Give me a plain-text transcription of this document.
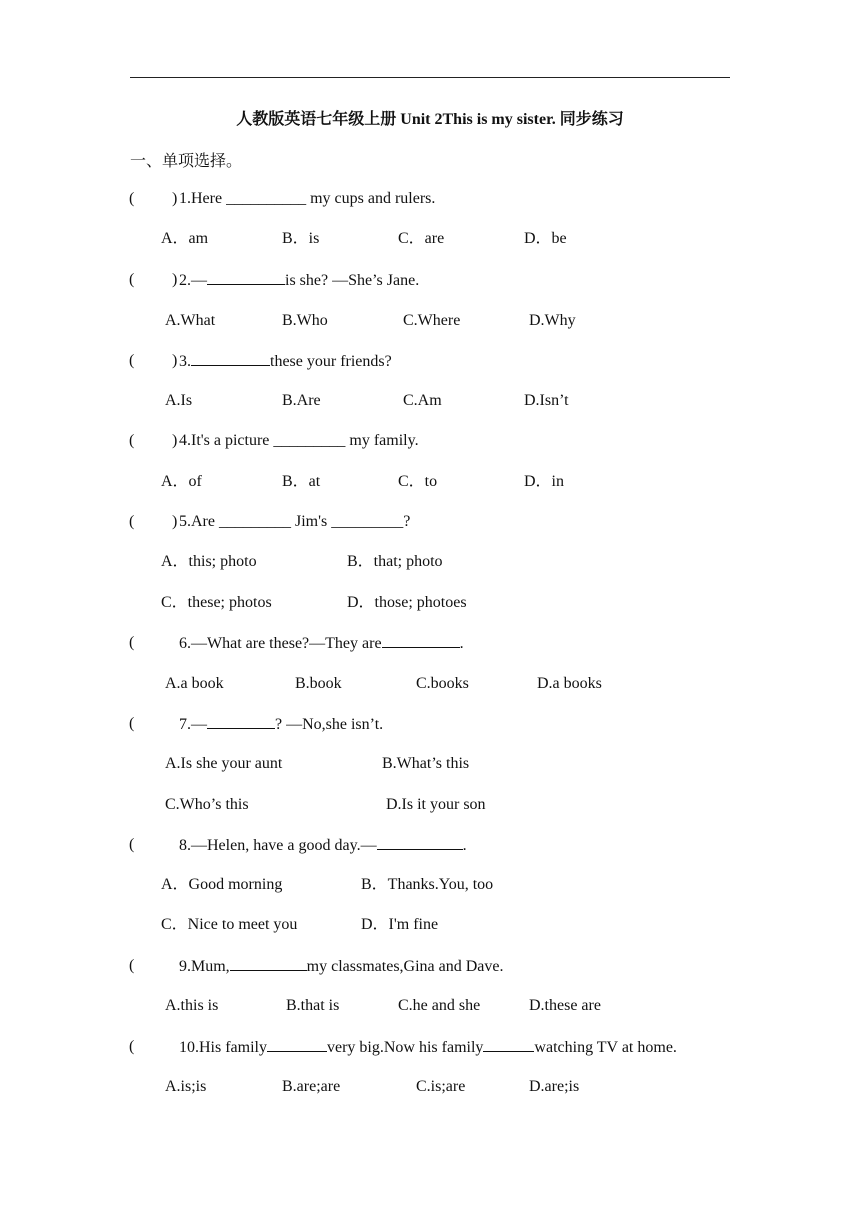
人教版英语七年级上册 Unit 2This is my sister. 同步练习
一、单项选择。
(	1.Here __________ my cups and rulers.
A．am	B．is	C．are	D．be
)
(	2.—	is she? —She’s Jane.
A.What	B.Who	C.Where	D.Why
)
(	3.	these your friends?
A.Is	B.Are	C.Am	D.Isn’t
)
(	4.It's a picture _________ my family.
A．of	B．at	C．to	D．in
)
(	5.Are _________ Jim's _________?
A．this; photo	B．that; photo
C．these; photos	D．those; photoes
)
(	6.—What are these?—They are	.
A.a book	B.book	C.books	D.a books
(	7.—	? —No,she isn’t.
A.Is she your aunt	B.What’s this
C.Who’s this	D.Is it your son
(	8.—Helen, have a good day.—	.
A．Good morning	B．Thanks.You, too
C．Nice to meet you	D．I'm fine
(	9.Mum,	my classmates,Gina and Dave.
A.this is	B.that is	C.he and she	D.these are
(	10.His family	very big.Now his family	watching TV at home.
A.is;is	B.are;are	C.is;are	D.are;is
